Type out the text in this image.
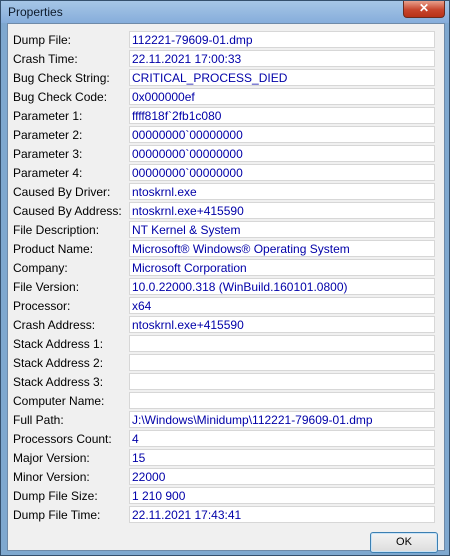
Properties	✕
Dump File:	112221-79609-01.dmp
Crash Time:	22.11.2021 17:00:33
Bug Check String: CRITICAL_PROCESS_DIED
Bug Check Code: 0x000000ef
Parameter 1:	ffff818f`2fb1c080
Parameter 2:	00000000`00000000
Parameter 3:	00000000`00000000
Parameter 4:	00000000`00000000
Caused By Driver: ntoskrnl.exe
Caused By Address: ntoskrnl.exe+415590
File Description:	NT Kernel & System
Product Name:	Microsoft® Windows® Operating System
Company:	Microsoft Corporation
File Version:	10.0.22000.318 (WinBuild.160101.0800)
Processor:	x64
Crash Address:	ntoskrnl.exe+415590
Stack Address 1:
Stack Address 2:
Stack Address 3:
Computer Name:
Full Path:	J:\Windows\Minidump\112221-79609-01.dmp
Processors Count: 4
Major Version:	15
Minor Version:	22000
Dump File Size:	1 210 900
Dump File Time:	22.11.2021 17:43:41
OK
